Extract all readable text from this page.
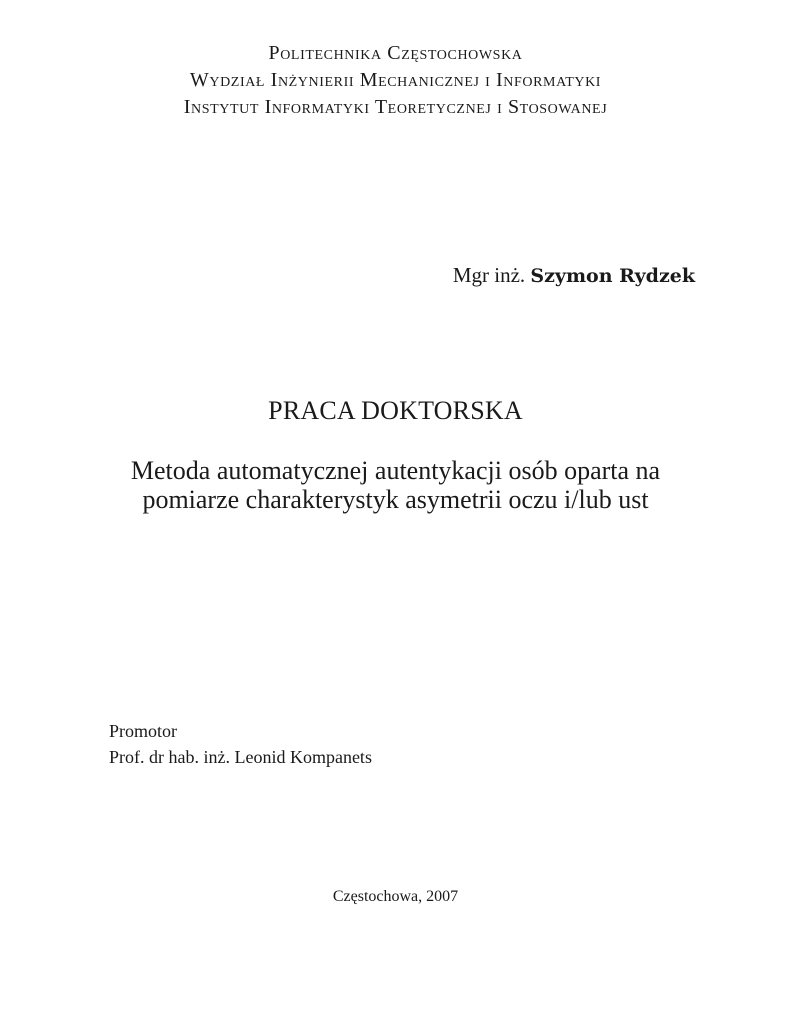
Politechnika Częstochowska
Wydział Inżynierii Mechanicznej i Informatyki
Instytut Informatyki Teoretycznej i Stosowanej
Mgr inż. Szymon Rydzek
PRACA DOKTORSKA
Metoda automatycznej autentykacji osób oparta na
pomiarze charakterystyk asymetrii oczu i/lub ust
Promotor
Prof. dr hab. inż. Leonid Kompanets
Częstochowa, 2007
